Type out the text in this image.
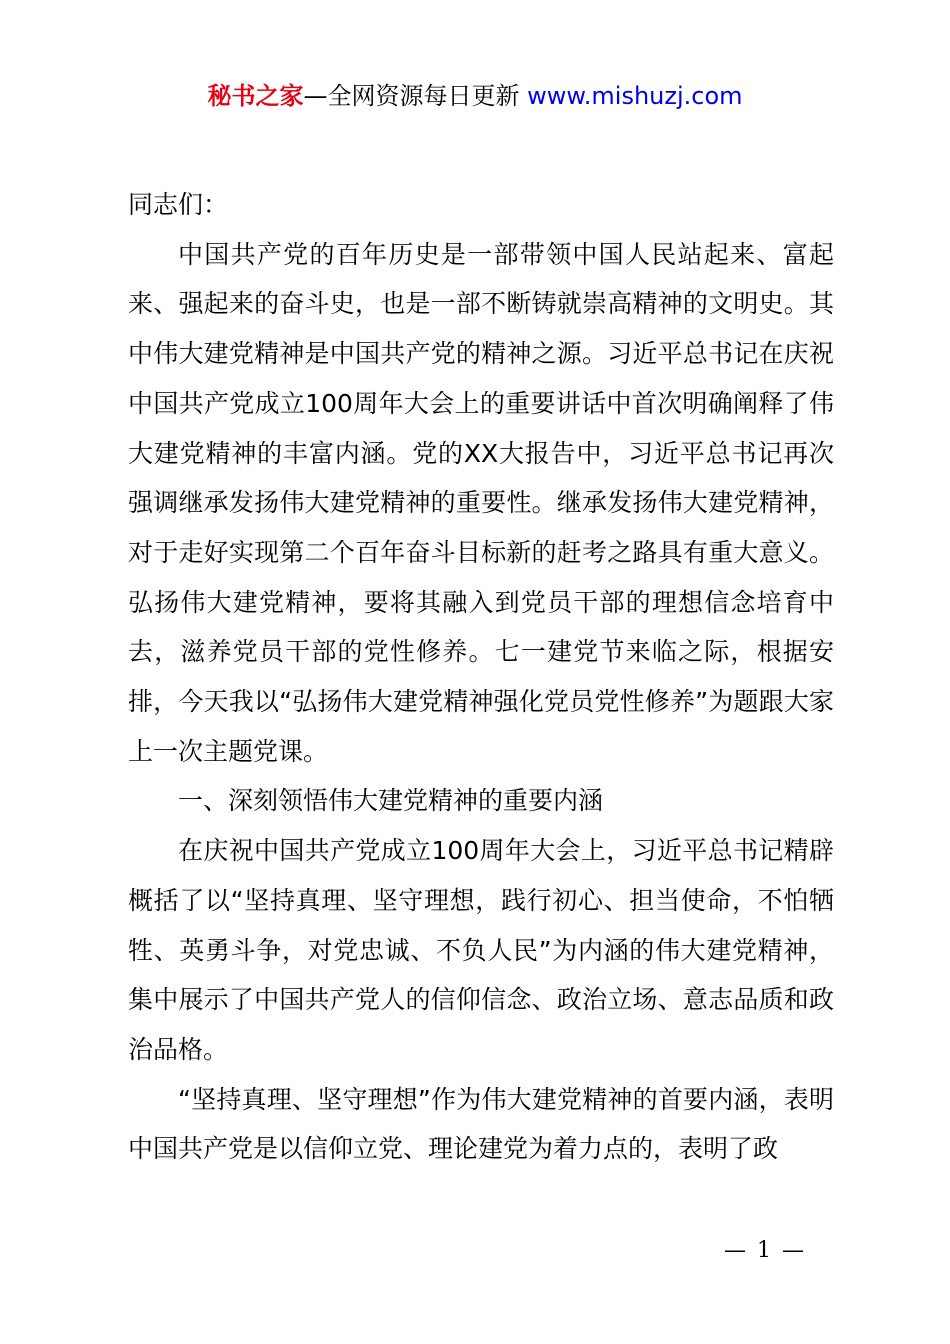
秘书之家—全网资源每日更新 www.mishuzj.com

同志们：

中国共产党的百年历史是一部带领中国人民站起来、富起来、强起来的奋斗史，也是一部不断铸就崇高精神的文明史。其中伟大建党精神是中国共产党的精神之源。习近平总书记在庆祝中国共产党成立100周年大会上的重要讲话中首次明确阐释了伟大建党精神的丰富内涵。党的XX大报告中，习近平总书记再次强调继承发扬伟大建党精神的重要性。继承发扬伟大建党精神，对于走好实现第二个百年奋斗目标新的赶考之路具有重大意义。弘扬伟大建党精神，要将其融入到党员干部的理想信念培育中去，滋养党员干部的党性修养。七一建党节来临之际，根据安排，今天我以“弘扬伟大建党精神强化党员党性修养”为题跟大家上一次主题党课。

一、深刻领悟伟大建党精神的重要内涵

在庆祝中国共产党成立100周年大会上，习近平总书记精辟概括了以“坚持真理、坚守理想，践行初心、担当使命，不怕牺牲、英勇斗争，对党忠诚、不负人民”为内涵的伟大建党精神，集中展示了中国共产党人的信仰信念、政治立场、意志品质和政治品格。

“坚持真理、坚守理想”作为伟大建党精神的首要内涵，表明中国共产党是以信仰立党、理论建党为着力点的，表明了政

— 1 —
